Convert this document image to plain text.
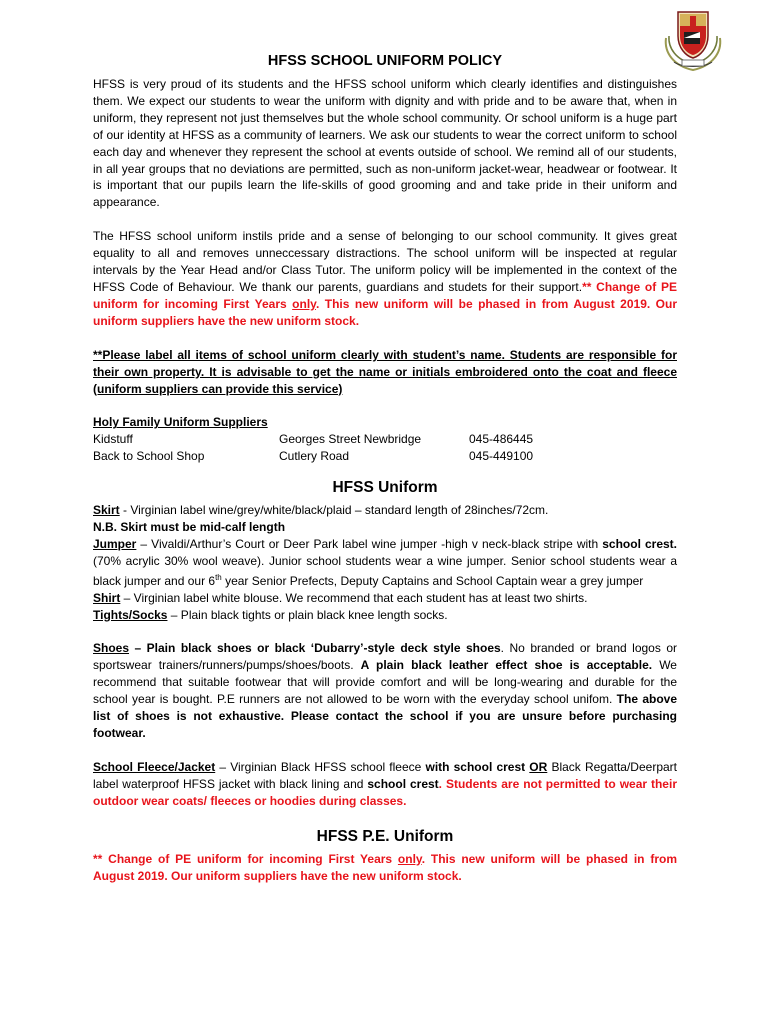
HFSS SCHOOL UNIFORM POLICY

HFSS is very proud of its students and the HFSS school uniform which clearly identifies and distinguishes them. We expect our students to wear the uniform with dignity and with pride and to be aware that, when in uniform, they represent not just themselves but the whole school community. Or school uniform is a huge part of our identity at HFSS as a community of learners. We ask our students to wear the correct uniform to school each day and whenever they represent the school at events outside of school. We remind all of our students, in all year groups that no deviations are permitted, such as non-uniform jacket-wear, headwear or footwear. It is important that our pupils learn the life-skills of good grooming and and take pride in their uniform and appearance.

The HFSS school uniform instils pride and a sense of belonging to our school community. It gives great equality to all and removes unneccessary distractions. The school uniform will be inspected at regular intervals by the Year Head and/or Class Tutor. The uniform policy will be implemented in the context of the HFSS Code of Behaviour. We thank our parents, guardians and studets for their support.** Change of PE uniform for incoming First Years only. This new uniform will be phased in from August 2019. Our uniform suppliers have the new uniform stock.

**Please label all items of school uniform clearly with student’s name. Students are responsible for their own property. It is advisable to get the name or initials embroidered onto the coat and fleece (uniform suppliers can provide this service)

Holy Family Uniform Suppliers
Kidstuff	Georges Street Newbridge	045-486445
Back to School Shop	Cutlery Road	045-449100
HFSS Uniform

Skirt - Virginian label wine/grey/white/black/plaid – standard length of 28inches/72cm.

N.B. Skirt must be mid-calf length

Jumper – Vivaldi/Arthur’s Court or Deer Park label wine jumper -high v neck-black stripe with school crest. (70% acrylic 30% wool weave). Junior school students wear a wine jumper. Senior school students wear a black jumper and our 6th year Senior Prefects, Deputy Captains and School Captain wear a grey jumper

Shirt – Virginian label white blouse. We recommend that each student has at least two shirts.

Tights/Socks – Plain black tights or plain black knee length socks.

Shoes – Plain black shoes or black ‘Dubarry’-style deck style shoes. No branded or brand logos or sportswear trainers/runners/pumps/shoes/boots. A plain black leather effect shoe is acceptable. We recommend that suitable footwear that will provide comfort and will be long-wearing and durable for the school year is bought. P.E runners are not allowed to be worn with the everyday school unifom. The above list of shoes is not exhaustive. Please contact the school if you are unsure before purchasing footwear.

School Fleece/Jacket – Virginian Black HFSS school fleece with school crest OR Black Regatta/Deerpart label waterproof HFSS jacket with black lining and school crest. Students are not permitted to wear their outdoor wear coats/ fleeces or hoodies during classes.

HFSS P.E. Uniform

** Change of PE uniform for incoming First Years only. This new uniform will be phased in from August 2019. Our uniform suppliers have the new uniform stock.
